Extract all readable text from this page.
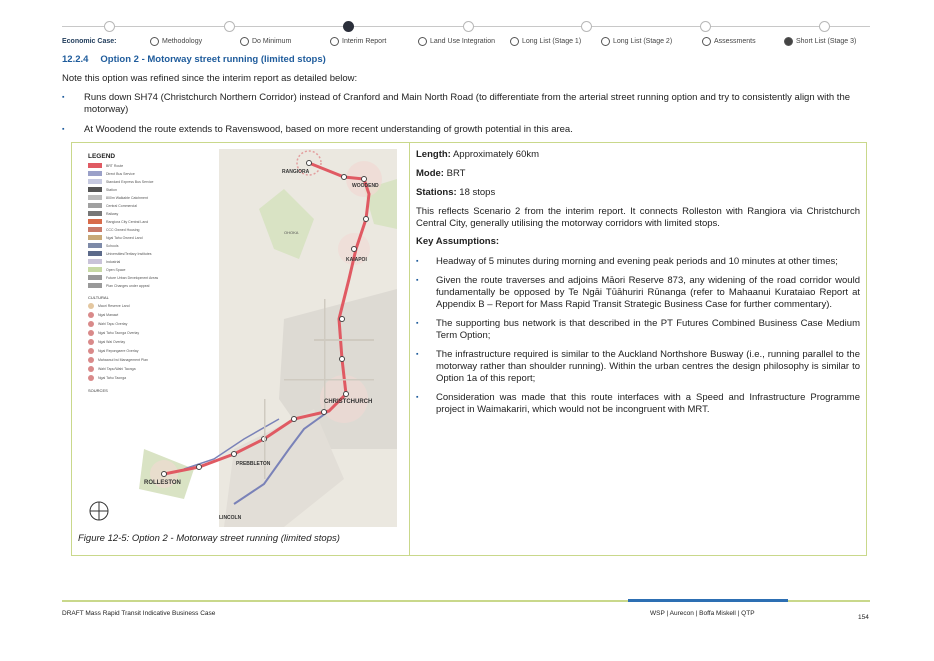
Economic Case:	Methodology	Do Minimum	Interim Report	Land Use Integration	Long List (Stage 1)	Long List (Stage 2)	Assessments	Short List (Stage 3)
12.2.4 Option 2 - Motorway street running (limited stops)
Note this option was refined since the interim report as detailed below:
▪ Runs down SH74 (Christchurch Northern Corridor) instead of Cranford and Main North Road (to differentiate from the arterial street running option and try to consistently align with the motorway)
▪ At Woodend the route extends to Ravenswood, based on more recent understanding of growth potential in this area.
LEGEND
BRT Route
Direct Bus Service
Standard Express Bus Service
Station
800m Walkable Catchment
Central Commercial
Railway
Rangiora City Central Land
CCC Owned Housing
Ngai Tahu Owned Land
Schools
Universities/Tertiary Institutes
Industrial
Open Space
Future Urban Development Areas
Plan Changes under appeal
CULTURAL
Maori Reserve Land
Ngai Manawi
Wahi Tapu Overlay
Ngai Tahu Taonga Overlay
Ngai Wai Overlay
Ngai Repongaere Overlay
Mahaanui Iwi Management Plan
Wahi Tapu/Wahi Taonga
Ngai Tahu Taonga
SOURCES
RANGIORA
WOODEND
KAIAPOI
CHRISTCHURCH
PREBBLETON
ROLLESTON
LINCOLN
OHOKA
Figure 12-5: Option 2 - Motorway street running (limited stops)
Length: Approximately 60km
Mode: BRT
Stations: 18 stops
This reflects Scenario 2 from the interim report. It connects Rolleston with Rangiora via Christchurch Central City, generally utilising the motorway corridors with limited stops.
Key Assumptions:
▪ Headway of 5 minutes during morning and evening peak periods and 10 minutes at other times;
▪ Given the route traverses and adjoins Māori Reserve 873, any widening of the road corridor would fundamentally be opposed by Te Ngāi Tūāhuriri Rūnanga (refer to Mahaanui Kurataiao Report at Appendix B – Report for Mass Rapid Transit Strategic Business Case for further commentary).
▪ The supporting bus network is that described in the PT Futures Combined Business Case Medium Term Option;
▪ The infrastructure required is similar to the Auckland Northshore Busway (i.e., running parallel to the motorway rather than shoulder running). Within the urban centres the design philosophy is similar to Option 1a of this report;
▪ Consideration was made that this route interfaces with a Speed and Infrastructure Programme project in Waimakariri, which would not be incongruent with MRT.
DRAFT Mass Rapid Transit Indicative Business Case	WSP | Aurecon | Boffa Miskell | QTP
154
